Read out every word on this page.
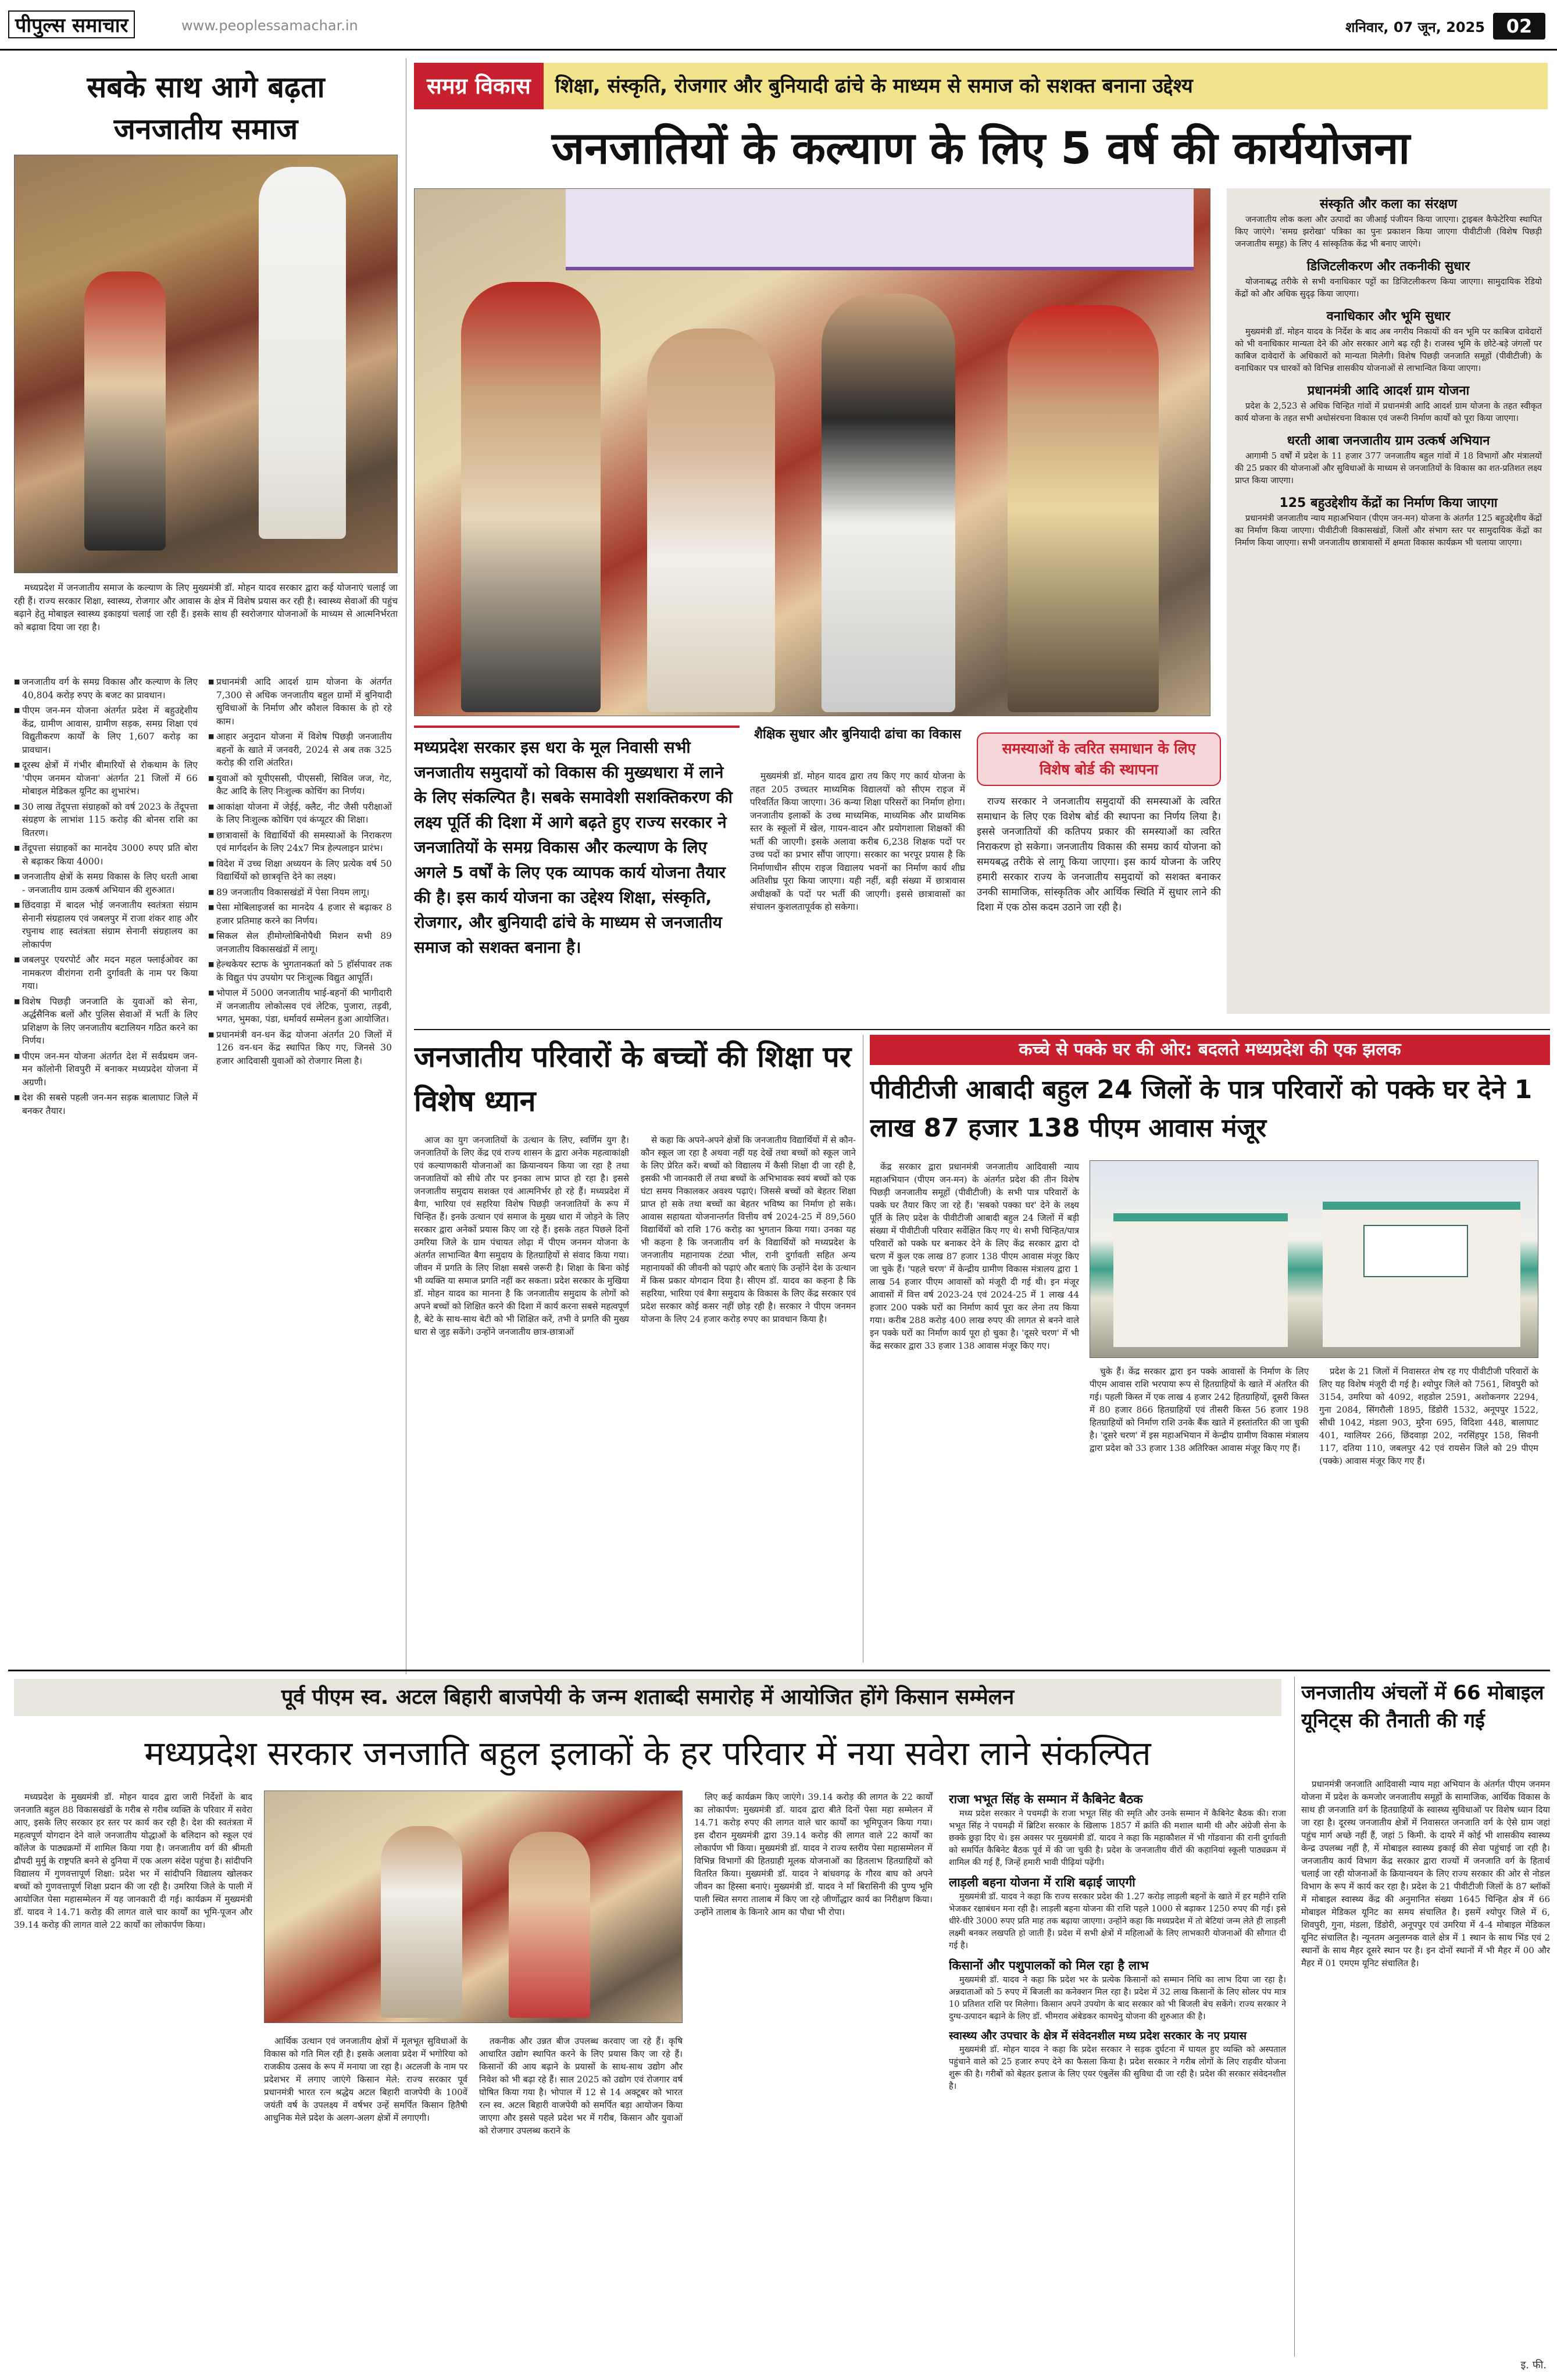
पीपुल्स समाचार	www.peoplessamachar.in	शनिवार, 07 जून, 2025	02
सबके साथ आगे बढ़ता जनजातीय समाज

मध्यप्रदेश में जनजातीय समाज के कल्याण के लिए मुख्यमंत्री डॉ. मोहन यादव सरकार द्वारा कई योजनाएं चलाई जा रही हैं। राज्य सरकार शिक्षा, स्वास्थ्य, रोजगार और आवास के क्षेत्र में विशेष प्रयास कर रही है। स्वास्थ्य सेवाओं की पहुंच बढ़ाने हेतु मोबाइल स्वास्थ्य इकाइयां चलाई जा रही हैं। इसके साथ ही स्वरोजगार योजनाओं के माध्यम से आत्मनिर्भरता को बढ़ावा दिया जा रहा है।

■ जनजातीय वर्ग के समग्र विकास और कल्याण के लिए 40,804 करोड़ रुपए के बजट का प्रावधान।
■ पीएम जन-मन योजना अंतर्गत प्रदेश में बहुउद्देशीय केंद्र, ग्रामीण आवास, ग्रामीण सड़क, समग्र शिक्षा एवं विद्युतीकरण कार्यों के लिए 1,607 करोड़ का प्रावधान।
■ दूरस्थ क्षेत्रों में गंभीर बीमारियों से रोकथाम के लिए 'पीएम जनमन योजना' अंतर्गत 21 जिलों में 66 मोबाइल मेडिकल यूनिट का शुभारंभ।
■ 30 लाख तेंदूपत्ता संग्राहकों को वर्ष 2023 के तेंदूपत्ता संग्रहण के लाभांश 115 करोड़ की बोनस राशि का वितरण।
■ तेंदूपत्ता संग्राहकों का मानदेय 3000 रुपए प्रति बोरा से बढ़ाकर किया 4000।
■ जनजातीय क्षेत्रों के समग्र विकास के लिए धरती आबा - जनजातीय ग्राम उत्कर्ष अभियान की शुरुआत।
■ छिंदवाड़ा में बादल भोई जनजातीय स्वतंत्रता संग्राम सेनानी संग्रहालय एवं जबलपुर में राजा शंकर शाह और रघुनाथ शाह स्वतंत्रता संग्राम सेनानी संग्रहालय का लोकार्पण
■ जबलपुर एयरपोर्ट और मदन महल फ्लाईओवर का नामकरण वीरांगना रानी दुर्गावती के नाम पर किया गया।
■ विशेष पिछड़ी जनजाति के युवाओं को सेना, अर्द्धसैनिक बलों और पुलिस सेवाओं में भर्ती के लिए प्रशिक्षण के लिए जनजातीय बटालियन गठित करने का निर्णय।
■ पीएम जन-मन योजना अंतर्गत देश में सर्वप्रथम जन-मन कॉलोनी शिवपुरी में बनाकर मध्यप्रदेश योजना में अग्रणी।
■ देश की सबसे पहली जन-मन सड़क बालाघाट जिले में बनकर तैयार।
■ प्रधानमंत्री आदि आदर्श ग्राम योजना के अंतर्गत 7,300 से अधिक जनजातीय बहुल ग्रामों में बुनियादी सुविधाओं के निर्माण और कौशल विकास के हो रहे काम।
■ आहार अनुदान योजना में विशेष पिछड़ी जनजातीय बहनों के खाते में जनवरी, 2024 से अब तक 325 करोड़ की राशि अंतरित।
■ युवाओं को यूपीएससी, पीएससी, सिविल जज, गेट, कैट आदि के लिए निःशुल्क कोचिंग का निर्णय।
■ आकांक्षा योजना में जेईई, क्लैट, नीट जैसी परीक्षाओं के लिए निःशुल्क कोचिंग एवं कंप्यूटर की शिक्षा।
■ छात्रावासों के विद्यार्थियों की समस्याओं के निराकरण एवं मार्गदर्शन के लिए 24x7 मित्र हेल्पलाइन प्रारंभ।
■ विदेश में उच्च शिक्षा अध्ययन के लिए प्रत्येक वर्ष 50 विद्यार्थियों को छात्रवृत्ति देने का लक्ष्य।
■ 89 जनजातीय विकासखंडों में पेसा नियम लागू।
■ पेसा मोबिलाइजर्स का मानदेय 4 हजार से बढ़ाकर 8 हजार प्रतिमाह करने का निर्णय।
■ सिकल सेल हीमोग्लोबिनोपैथी मिशन सभी 89 जनजातीय विकासखंडों में लागू।
■ हेल्थकेयर स्टाफ के भुगतानकर्ता को 5 हॉर्सपावर तक के विद्युत पंप उपयोग पर निःशुल्क विद्युत आपूर्ति।
■ भोपाल में 5000 जनजातीय भाई-बहनों की भागीदारी में जनजातीय लोकोत्सव एवं लेटिक, पुजारा, तड़वी, भगत, भुमका, पंडा, धर्मावर्य सम्मेलन हुआ आयोजित।
■ प्रधानमंत्री वन-धन केंद्र योजना अंतर्गत 20 जिलों में 126 वन-धन केंद्र स्थापित किए गए, जिनसे 30 हजार आदिवासी युवाओं को रोजगार मिला है।
समग्र विकास	शिक्षा, संस्कृति, रोजगार और बुनियादी ढांचे के माध्यम से समाज को सशक्त बनाना उद्देश्य
जनजातियों के कल्याण के लिए 5 वर्ष की कार्ययोजना
मध्यप्रदेश सरकार इस धरा के मूल निवासी सभी जनजातीय समुदायों को विकास की मुख्यधारा में लाने के लिए संकल्पित है। सबके समावेशी सशक्तिकरण की लक्ष्य पूर्ति की दिशा में आगे बढ़ते हुए राज्य सरकार ने जनजातियों के समग्र विकास और कल्याण के लिए अगले 5 वर्षों के लिए एक व्यापक कार्य योजना तैयार की है। इस कार्य योजना का उद्देश्य शिक्षा, संस्कृति, रोजगार, और बुनियादी ढांचे के माध्यम से जनजातीय समाज को सशक्त बनाना है।
शैक्षिक सुधार और बुनियादी ढांचा का विकास

मुख्यमंत्री डॉ. मोहन यादव द्वारा तय किए गए कार्य योजना के तहत 205 उच्चतर माध्यमिक विद्यालयों को सीएम राइज में परिवर्तित किया जाएगा। 36 कन्या शिक्षा परिसरों का निर्माण होगा। जनजातीय इलाकों के उच्च माध्यमिक, माध्यमिक और प्राथमिक स्तर के स्कूलों में खेल, गायन-वादन और प्रयोगशाला शिक्षकों की भर्ती की जाएगी। इसके अलावा करीब 6,238 शिक्षक पदों पर उच्च पदों का प्रभार सौंपा जाएगा। सरकार का भरपूर प्रयास है कि निर्माणाधीन सीएम राइज विद्यालय भवनों का निर्माण कार्य शीघ्र अतिशीघ्र पूरा किया जाएगा। यही नहीं, बड़ी संख्या में छात्रावास अधीक्षकों के पदों पर भर्ती की जाएगी। इससे छात्रावासों का संचालन कुशलतापूर्वक हो सकेगा।

समस्याओं के त्वरित समाधान के लिए विशेष बोर्ड की स्थापना

राज्य सरकार ने जनजातीय समुदायों की समस्याओं के त्वरित समाधान के लिए एक विशेष बोर्ड की स्थापना का निर्णय लिया है। इससे जनजातियों की कतिपय प्रकार की समस्याओं का त्वरित निराकरण हो सकेगा। जनजातीय विकास की समग्र कार्य योजना को समयबद्ध तरीके से लागू किया जाएगा। इस कार्य योजना के जरिए हमारी सरकार राज्य के जनजातीय समुदायों को सशक्त बनाकर उनकी सामाजिक, सांस्कृतिक और आर्थिक स्थिति में सुधार लाने की दिशा में एक ठोस कदम उठाने जा रही है।

संस्कृति और कला का संरक्षण

जनजातीय लोक कला और उत्पादों का जीआई पंजीयन किया जाएगा। ट्राइबल कैफेटेरिया स्थापित किए जाएंगे। 'समग्र झरोखा' पत्रिका का पुनः प्रकाशन किया जाएगा पीवीटीजी (विशेष पिछड़ी जनजातीय समूह) के लिए 4 सांस्कृतिक केंद्र भी बनाए जाएंगे।

डिजिटलीकरण और तकनीकी सुधार

योजनाबद्ध तरीके से सभी वनाधिकार पट्टों का डिजिटलीकरण किया जाएगा। सामुदायिक रेडियो केंद्रों को और अधिक सुदृढ़ किया जाएगा।

वनाधिकार और भूमि सुधार

मुख्यमंत्री डॉ. मोहन यादव के निर्देश के बाद अब नगरीय निकायों की वन भूमि पर काबिज दावेदारों को भी वनाधिकार मान्यता देने की ओर सरकार आगे बढ़ रही है। राजस्व भूमि के छोटे-बड़े जंगलों पर काबिज दावेदारों के अधिकारों को मान्यता मिलेगी। विशेष पिछड़ी जनजाति समूहों (पीवीटीजी) के वनाधिकार पत्र धारकों को विभिन्न शासकीय योजनाओं से लाभान्वित किया जाएगा।

प्रधानमंत्री आदि आदर्श ग्राम योजना

प्रदेश के 2,523 से अधिक चिन्हित गांवों में प्रधानमंत्री आदि आदर्श ग्राम योजना के तहत स्वीकृत कार्य योजना के तहत सभी अधोसंरचना विकास एवं जरूरी निर्माण कार्यों को पूरा किया जाएगा।

धरती आबा जनजातीय ग्राम उत्कर्ष अभियान

आगामी 5 वर्षों में प्रदेश के 11 हजार 377 जनजातीय बहुल गांवों में 18 विभागों और मंत्रालयों की 25 प्रकार की योजनाओं और सुविधाओं के माध्यम से जनजातियों के विकास का शत-प्रतिशत लक्ष्य प्राप्त किया जाएगा।

125 बहुउद्देशीय केंद्रों का निर्माण किया जाएगा

प्रधानमंत्री जनजातीय न्याय महाअभियान (पीएम जन-मन) योजना के अंतर्गत 125 बहुउद्देशीय केंद्रों का निर्माण किया जाएगा। पीवीटीजी विकासखंडों, जिलों और संभाग स्तर पर सामुदायिक केंद्रों का निर्माण किया जाएगा। सभी जनजातीय छात्रावासों में क्षमता विकास कार्यक्रम भी चलाया जाएगा।

जनजातीय परिवारों के बच्चों की शिक्षा पर विशेष ध्यान

आज का युग जनजातियों के उत्थान के लिए, स्वर्णिम युग है। जनजातियों के लिए केंद्र एवं राज्य शासन के द्वारा अनेक महत्वाकांक्षी एवं कल्याणकारी योजनाओं का क्रियान्वयन किया जा रहा है तथा जनजातियों को सीधे तौर पर इनका लाभ प्राप्त हो रहा है। इससे जनजातीय समुदाय सशक्त एवं आत्मनिर्भर हो रहे हैं। मध्यप्रदेश में बैगा, भारिया एवं सहरिया विशेष पिछड़ी जनजातियों के रूप में चिन्हित हैं। इनके उत्थान एवं समाज के मुख्य धारा में जोड़ने के लिए सरकार द्वारा अनेकों प्रयास किए जा रहे हैं। इसके तहत पिछले दिनों उमरिया जिले के ग्राम पंचायत लोढ़ा में पीएम जनमन योजना के अंतर्गत लाभान्वित बैगा समुदाय के हितग्राहियों से संवाद किया गया। जीवन में प्रगति के लिए शिक्षा सबसे जरूरी है। शिक्षा के बिना कोई भी व्यक्ति या समाज प्रगति नहीं कर सकता। प्रदेश सरकार के मुखिया डॉ. मोहन यादव का मानना है कि जनजातीय समुदाय के लोगों को अपने बच्चों को शिक्षित करने की दिशा में कार्य करना सबसे महत्वपूर्ण है, बेटे के साथ-साथ बेटी को भी शिक्षित करें, तभी वे प्रगति की मुख्य धारा से जुड़ सकेंगे। उन्होंने जनजातीय छात्र-छात्राओं

से कहा कि अपने-अपने क्षेत्रों कि जनजातीय विद्यार्थियों में से कौन-कौन स्कूल जा रहा है अथवा नहीं यह देखें तथा बच्चों को स्कूल जाने के लिए प्रेरित करें। बच्चों को विद्यालय में कैसी शिक्षा दी जा रही है, इसकी भी जानकारी लें तथा बच्चों के अभिभावक स्वयं बच्चों को एक घंटा समय निकालकर अवश्य पढ़ाएं। जिससे बच्चों को बेहतर शिक्षा प्राप्त हो सके तथा बच्चों का बेहतर भविष्य का निर्माण हो सके। आवास सहायता योजनान्तर्गत वित्तीय वर्ष 2024-25 में 89,560 विद्यार्थियों को राशि 176 करोड़ का भुगतान किया गया। उनका यह भी कहना है कि जनजातीय वर्ग के विद्यार्थियों को मध्यप्रदेश के जनजातीय महानायक टंट्या भील, रानी दुर्गावती सहित अन्य महानायकों की जीवनी को पढ़ाएं और बताएं कि उन्होंने देश के उत्थान में किस प्रकार योगदान दिया है। सीएम डॉ. यादव का कहना है कि सहरिया, भारिया एवं बैगा समुदाय के विकास के लिए केंद्र सरकार एवं प्रदेश सरकार कोई कसर नहीं छोड़ रही है। सरकार ने पीएम जनमन योजना के लिए 24 हजार करोड़ रुपए का प्रावधान किया है।

कच्चे से पक्के घर की ओर: बदलते मध्यप्रदेश की एक झलक
पीवीटीजी आबादी बहुल 24 जिलों के पात्र परिवारों को पक्के घर देने 1 लाख 87 हजार 138 पीएम आवास मंजूर

केंद्र सरकार द्वारा प्रधानमंत्री जनजातीय आदिवासी न्याय महाअभियान (पीएम जन-मन) के अंतर्गत प्रदेश की तीन विशेष पिछड़ी जनजातीय समूहों (पीवीटीजी) के सभी पात्र परिवारों के पक्के घर तैयार किए जा रहे हैं। 'सबको पक्का घर' देने के लक्ष्य पूर्ति के लिए प्रदेश के पीवीटीजी आबादी बहुल 24 जिलों में बड़ी संख्या में पीवीटीजी परिवार सर्वेक्षित किए गए थे। सभी चिन्हित/पात्र परिवारों को पक्के घर बनाकर देने के लिए केंद्र सरकार द्वारा दो चरण में कुल एक लाख 87 हजार 138 पीएम आवास मंजूर किए जा चुके हैं। 'पहले चरण' में केन्द्रीय ग्रामीण विकास मंत्रालय द्वारा 1 लाख 54 हजार पीएम आवासों को मंजूरी दी गई थी। इन मंजूर आवासों में वित्त वर्ष 2023-24 एवं 2024-25 में 1 लाख 44 हजार 200 पक्के घरों का निर्माण कार्य पूरा कर लेना तय किया गया। करीब 288 करोड़ 400 लाख रुपए की लागत से बनने वाले इन पक्के घरों का निर्माण कार्य पूरा हो चुका है। 'दूसरे चरण' में भी केंद्र सरकार द्वारा 33 हजार 138 आवास मंजूर किए गए।

चुके हैं। केंद्र सरकार द्वारा इन पक्के आवासों के निर्माण के लिए पीएम आवास राशि भरपाया रूप से हितग्राहियों के खाते में अंतरित की गई। पहली किस्त में एक लाख 4 हजार 242 हितग्राहियों, दूसरी किस्त में 80 हजार 866 हितग्राहियों एवं तीसरी किस्त 56 हजार 198 हितग्राहियों को निर्माण राशि उनके बैंक खाते में हस्तांतरित की जा चुकी है। 'दूसरे चरण' में इस महाअभियान में केन्द्रीय ग्रामीण विकास मंत्रालय द्वारा प्रदेश को 33 हजार 138 अतिरिक्त आवास मंजूर किए गए हैं।

प्रदेश के 21 जिलों में निवासरत शेष रह गए पीवीटीजी परिवारों के लिए यह विशेष मंजूरी दी गई है। श्योपुर जिले को 7561, शिवपुरी को 3154, उमरिया को 4092, शहडोल 2591, अशोकनगर 2294, गुना 2084, सिंगरौली 1895, डिंडोरी 1532, अनूपपुर 1522, सीधी 1042, मंडला 903, मुरैना 695, विदिशा 448, बालाघाट 401, ग्वालियर 266, छिंदवाड़ा 202, नरसिंहपुर 158, सिवनी 117, दतिया 110, जबलपुर 42 एवं रायसेन जिले को 29 पीएम (पक्के) आवास मंजूर किए गए हैं।

पूर्व पीएम स्व. अटल बिहारी बाजपेयी के जन्म शताब्दी समारोह में आयोजित होंगे किसान सम्मेलन
मध्यप्रदेश सरकार जनजाति बहुल इलाकों के हर परिवार में नया सवेरा लाने संकल्पित

मध्यप्रदेश के मुख्यमंत्री डॉ. मोहन यादव द्वारा जारी निर्देशों के बाद जनजाति बहुल 88 विकासखंडों के गरीब से गरीब व्यक्ति के परिवार में सवेरा आए, इसके लिए सरकार हर स्तर पर कार्य कर रही है। देश की स्वतंत्रता में महत्वपूर्ण योगदान देने वाले जनजातीय योद्धाओं के बलिदान को स्कूल एवं कॉलेज के पाठ्यक्रमों में शामिल किया गया है। जनजातीय वर्ग की श्रीमती द्रौपदी मुर्मु के राष्ट्रपति बनने से दुनिया में एक अलग संदेश पहुंचा है। सांदीपनि विद्यालय में गुणवत्तापूर्ण शिक्षा: प्रदेश भर में सांदीपनि विद्यालय खोलकर बच्चों को गुणवत्तापूर्ण शिक्षा प्रदान की जा रही है। उमरिया जिले के पाली में आयोजित पेसा महासम्मेलन में यह जानकारी दी गई। कार्यक्रम में मुख्यमंत्री डॉ. यादव ने 14.71 करोड़ की लागत वाले चार कार्यों का भूमि-पूजन और 39.14 करोड़ की लागत वाले 22 कार्यों का लोकार्पण किया।

आर्थिक उत्थान एवं जनजातीय क्षेत्रों में मूलभूत सुविधाओं के विकास को गति मिल रही है। इसके अलावा प्रदेश में भगोरिया को राजकीय उत्सव के रूप में मनाया जा रहा है। अटलजी के नाम पर प्रदेशभर में लगाए जाएंगे किसान मेले: राज्य सरकार पूर्व प्रधानमंत्री भारत रत्न श्रद्धेय अटल बिहारी वाजपेयी के 100वें जयंती वर्ष के उपलक्ष्य में वर्षभर उन्हें समर्पित किसान हितैषी आधुनिक मेले प्रदेश के अलग-अलग क्षेत्रों में लगाएगी।

तकनीक और उन्नत बीज उपलब्ध करवाए जा रहे हैं। कृषि आधारित उद्योग स्थापित करने के लिए प्रयास किए जा रहे हैं। किसानों की आय बढ़ाने के प्रयासों के साथ-साथ उद्योग और निवेश को भी बढ़ा रहे हैं। साल 2025 को उद्योग एवं रोजगार वर्ष घोषित किया गया है। भोपाल में 12 से 14 अक्टूबर को भारत रत्न स्व. अटल बिहारी वाजपेयी को समर्पित बड़ा आयोजन किया जाएगा और इससे पहले प्रदेश भर में गरीब, किसान और युवाओं को रोजगार उपलब्ध कराने के

लिए कई कार्यक्रम किए जाएंगे। 39.14 करोड़ की लागत के 22 कार्यों का लोकार्पण: मुख्यमंत्री डॉ. यादव द्वारा बीते दिनों पेसा महा सम्मेलन में 14.71 करोड़ रुपए की लागत वाले चार कार्यों का भूमिपूजन किया गया। इस दौरान मुख्यमंत्री द्वारा 39.14 करोड़ की लागत वाले 22 कार्यों का लोकार्पण भी किया। मुख्यमंत्री डॉ. यादव ने राज्य स्तरीय पेसा महासम्मेलन में विभिन्न विभागों की हितग्राही मूलक योजनाओं का हितलाभ हितग्राहियों को वितरित किया। मुख्यमंत्री डॉ. यादव ने बांधवगढ़ के गौरव बाघ को अपने जीवन का हिस्सा बनाएं। मुख्यमंत्री डॉ. यादव ने माँ बिरासिनी की पुण्य भूमि पाली स्थित सगरा तालाब में किए जा रहे जीर्णोद्धार कार्य का निरीक्षण किया। उन्होंने तालाब के किनारे आम का पौधा भी रोपा।

राजा भभूत सिंह के सम्मान में कैबिनेट बैठक

मध्य प्रदेश सरकार ने पचमढ़ी के राजा भभूत सिंह की स्मृति और उनके सम्मान में कैबिनेट बैठक की। राजा भभूत सिंह ने पचमढ़ी में ब्रिटिश सरकार के खिलाफ 1857 में क्रांति की मशाल थामी थी और अंग्रेजी सेना के छक्के छुड़ा दिए थे। इस अवसर पर मुख्यमंत्री डॉ. यादव ने कहा कि महाकौशल में भी गोंडवाना की रानी दुर्गावती को समर्पित कैबिनेट बैठक पूर्व में की जा चुकी है। प्रदेश के जनजातीय वीरों की कहानियां स्कूली पाठ्यक्रम में शामिल की गई हैं, जिन्हें हमारी भावी पीढ़ियां पढ़ेंगी।

लाड़ली बहना योजना में राशि बढ़ाई जाएगी

मुख्यमंत्री डॉ. यादव ने कहा कि राज्य सरकार प्रदेश की 1.27 करोड़ लाड़ली बहनों के खाते में हर महीने राशि भेजकर रक्षाबंधन मना रही है। लाड़ली बहना योजना की राशि पहले 1000 से बढ़ाकर 1250 रुपए की गई। इसे धीरे-धीरे 3000 रुपए प्रति माह तक बढ़ाया जाएगा। उन्होंने कहा कि मध्यप्रदेश में तो बेटियां जन्म लेते ही लाड़ली लक्ष्मी बनकर लखपति हो जाती हैं। प्रदेश में सभी क्षेत्रों में महिलाओं के लिए लाभकारी योजनाओं की सौगात दी गई है।

किसानों और पशुपालकों को मिल रहा है लाभ

मुख्यमंत्री डॉ. यादव ने कहा कि प्रदेश भर के प्रत्येक किसानों को सम्मान निधि का लाभ दिया जा रहा है। अन्नदाताओं को 5 रुपए में बिजली का कनेक्शन मिल रहा है। प्रदेश में 32 लाख किसानों के लिए सोलर पंप मात्र 10 प्रतिशत राशि पर मिलेगा। किसान अपने उपयोग के बाद सरकार को भी बिजली बेच सकेंगे। राज्य सरकार ने दुग्ध-उत्पादन बढ़ाने के लिए डॉ. भीमराव अंबेडकर कामधेनु योजना की शुरुआत की है।

स्वास्थ्य और उपचार के क्षेत्र में संवेदनशील मध्य प्रदेश सरकार के नए प्रयास

मुख्यमंत्री डॉ. मोहन यादव ने कहा कि प्रदेश सरकार ने सड़क दुर्घटना में घायल हुए व्यक्ति को अस्पताल पहुंचाने वाले को 25 हजार रुपए देने का फैसला किया है। प्रदेश सरकार ने गरीब लोगों के लिए राहवीर योजना शुरू की है। गरीबों को बेहतर इलाज के लिए एयर एंबुलेंस की सुविधा दी जा रही है। प्रदेश की सरकार संवेदनशील है।

जनजातीय अंचलों में 66 मोबाइल यूनिट्स की तैनाती की गई

प्रधानमंत्री जनजाति आदिवासी न्याय महा अभियान के अंतर्गत पीएम जनमन योजना में प्रदेश के कमजोर जनजातीय समूहों के सामाजिक, आर्थिक विकास के साथ ही जनजाति वर्ग के हितग्राहियों के स्वास्थ्य सुविधाओं पर विशेष ध्यान दिया जा रहा है। दूरस्थ जनजातीय क्षेत्रों में निवासरत जनजाति वर्ग के ऐसे ग्राम जहां पहुंच मार्ग अच्छे नहीं हैं, जहां 5 किमी. के दायरे में कोई भी शासकीय स्वास्थ्य केन्द्र उपलब्ध नहीं है, में मोबाइल स्वास्थ्य इकाई की सेवा पहुंचाई जा रही है। जनजातीय कार्य विभाग केंद्र सरकार द्वारा राज्यों में जनजाति वर्ग के हितार्थ चलाई जा रही योजनाओं के क्रियान्वयन के लिए राज्य सरकार की ओर से नोडल विभाग के रूप में कार्य कर रहा है। प्रदेश के 21 पीवीटीजी जिलों के 87 ब्लॉकों में मोबाइल स्वास्थ्य केंद्र की अनुमानित संख्या 1645 चिन्हित क्षेत्र में 66 मोबाइल मेडिकल यूनिट का समय संचालित है। इसमें श्योपुर जिले में 6, शिवपुरी, गुना, मंडला, डिंडोरी, अनूपपुर एवं उमरिया में 4-4 मोबाइल मेडिकल यूनिट संचालित है। न्यूनतम अनुलग्नक वाले क्षेत्र में 1 स्थान के साथ भिंड एवं 2 स्थानों के साथ मैहर दूसरे स्थान पर है। इन दोनों स्थानों में भी मैहर में 00 और मैहर में 01 एमएम यूनिट संचालित है।

इ. फी.
